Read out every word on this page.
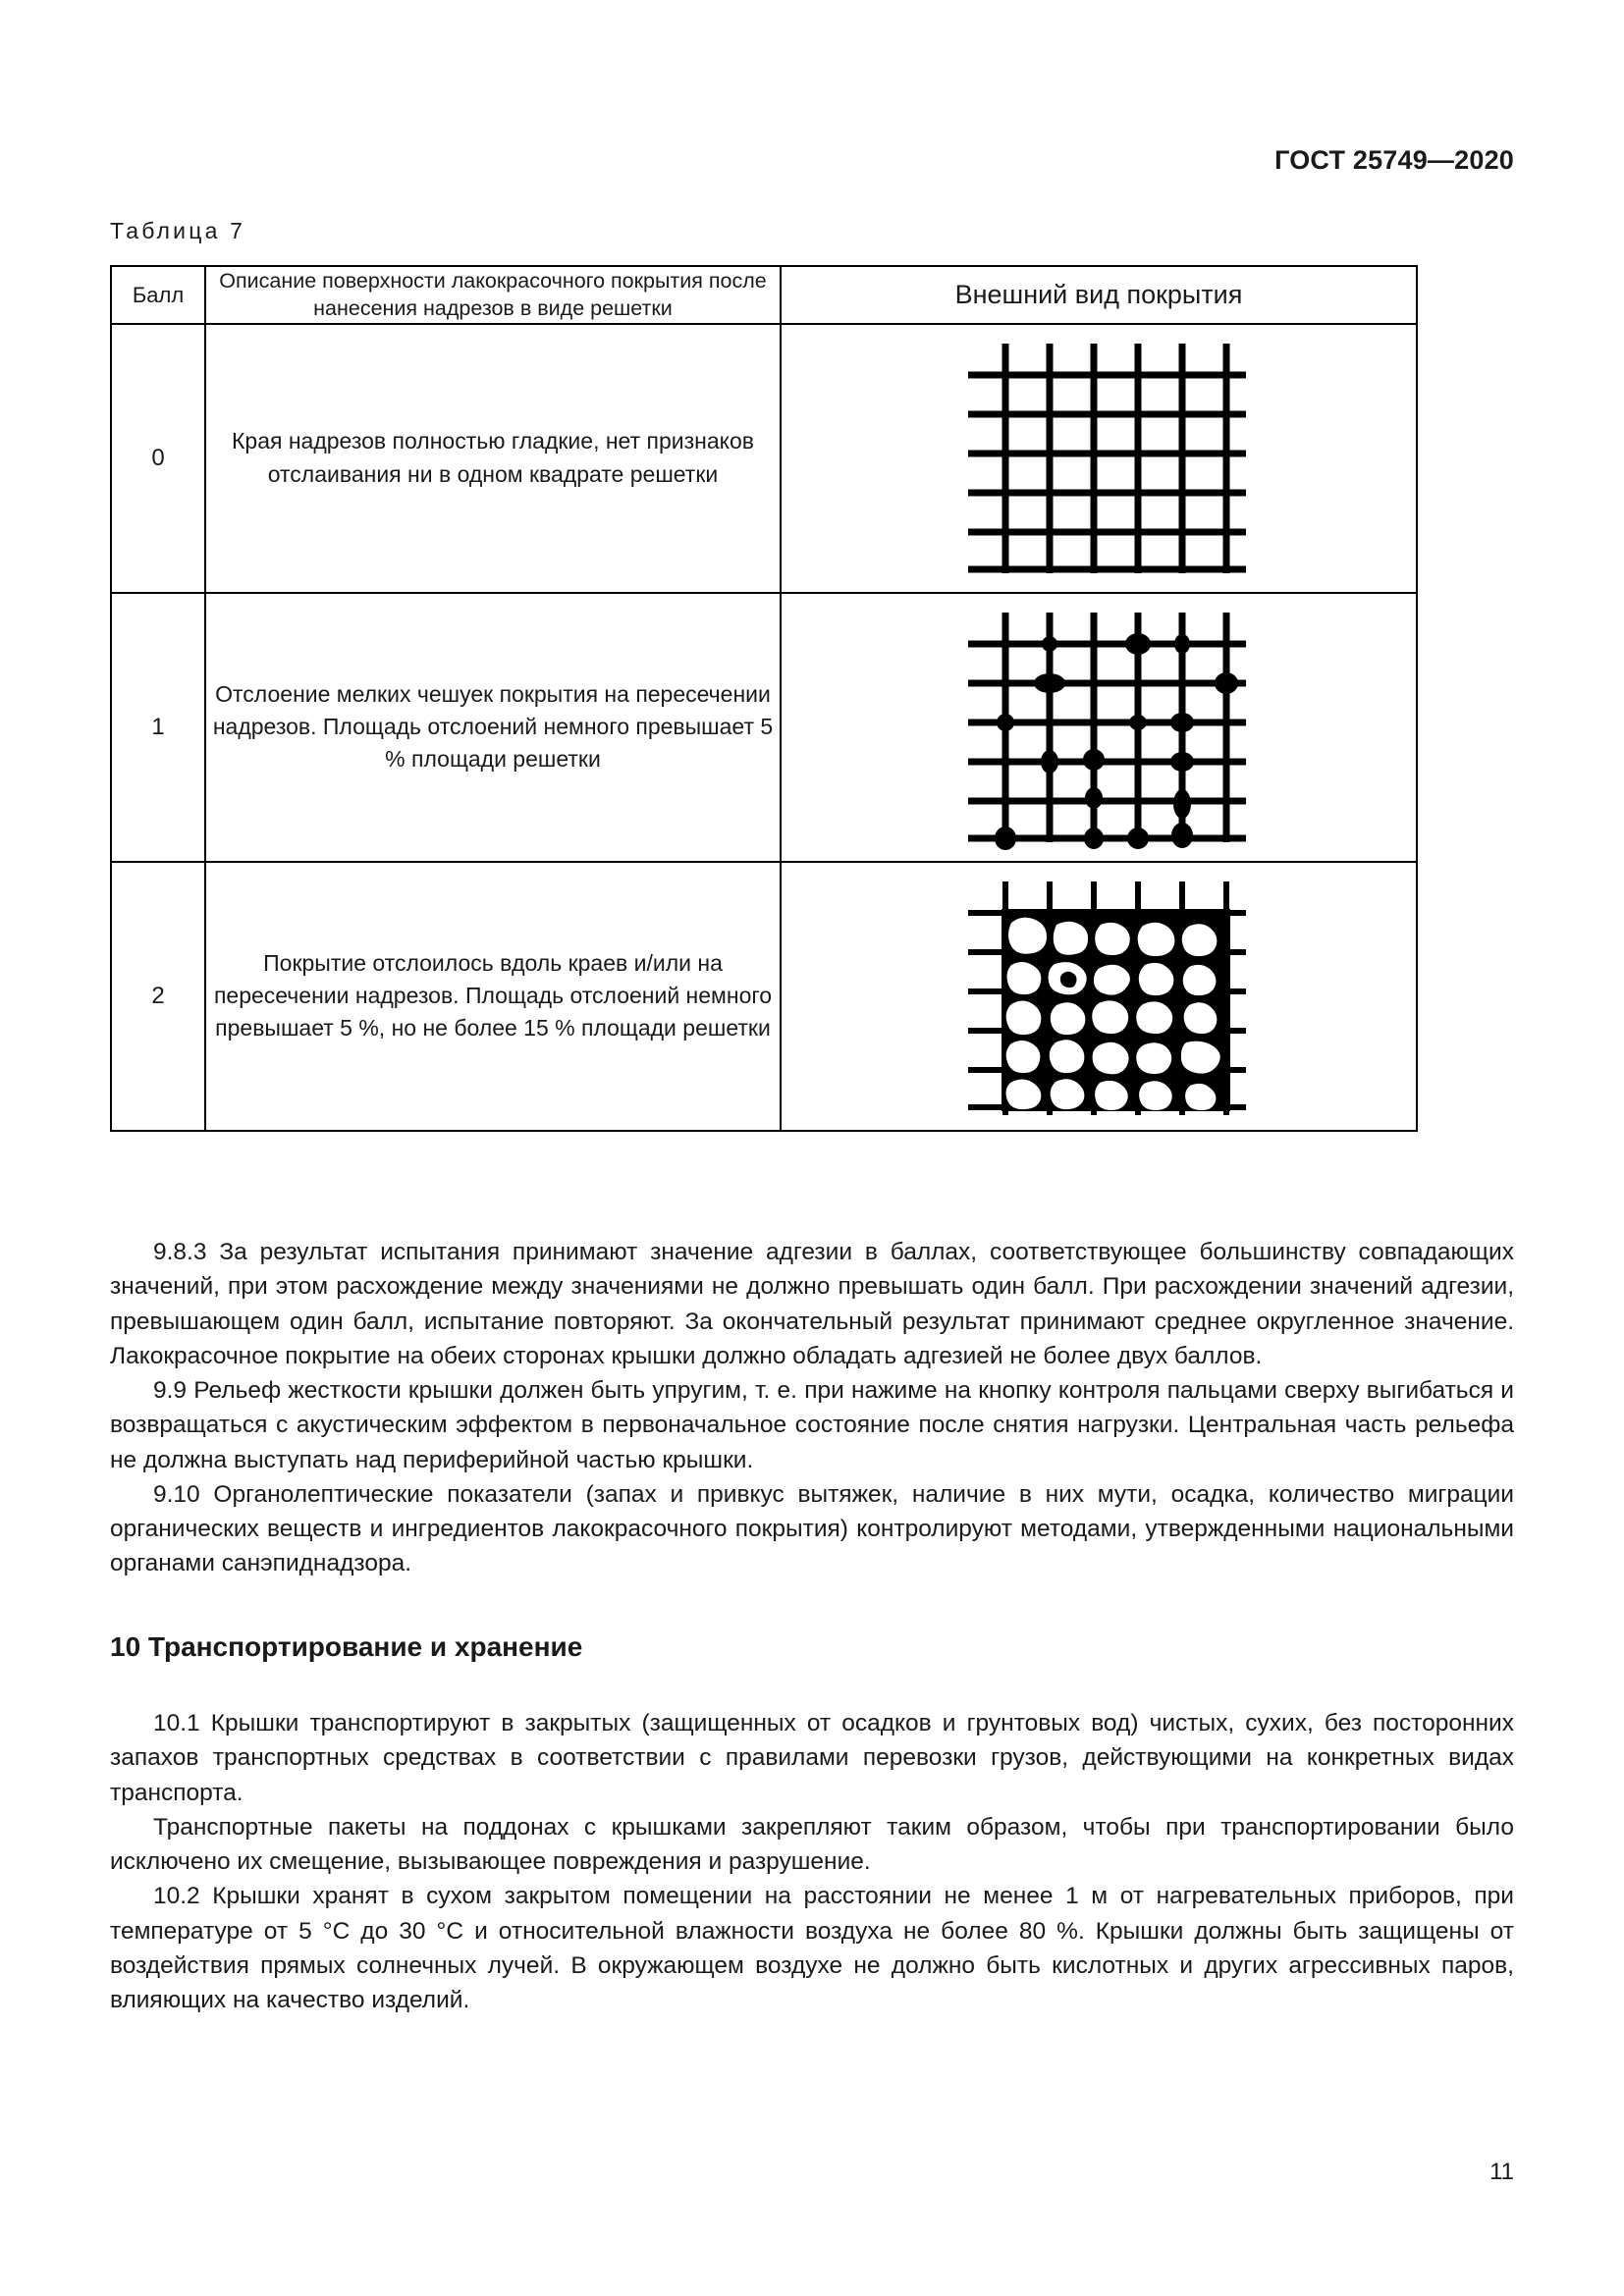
ГОСТ 25749—2020
Таблица 7
Балл	Описание поверхности лакокрасочного покрытия после нанесения надрезов в виде решетки	Внешний вид покрытия
0	Края надрезов полностью гладкие, нет признаков отслаивания ни в одном квадрате решетки	

1	Отслоение мелких чешуек покрытия на пересечении надрезов. Площадь отслоений немного превышает 5 % площади решетки	

2	Покрытие отслоилось вдоль краев и/или на пересечении надрезов. Площадь отслоений немного превышает 5 %, но не более 15 % площади решетки	

9.8.3 За результат испытания принимают значение адгезии в баллах, соответствующее большинству совпадающих значений, при этом расхождение между значениями не должно превышать один балл. При расхождении значений адгезии, превышающем один балл, испытание повторяют. За окончательный результат принимают среднее округленное значение. Лакокрасочное покрытие на обеих сторонах крышки должно обладать адгезией не более двух баллов.

9.9 Рельеф жесткости крышки должен быть упругим, т. е. при нажиме на кнопку контроля пальцами сверху выгибаться и возвращаться с акустическим эффектом в первоначальное состояние после снятия нагрузки. Центральная часть рельефа не должна выступать над периферийной частью крышки.

9.10 Органолептические показатели (запах и привкус вытяжек, наличие в них мути, осадка, количество миграции органических веществ и ингредиентов лакокрасочного покрытия) контролируют методами, утвержденными национальными органами санэпиднадзора.

10 Транспортирование и хранение

10.1 Крышки транспортируют в закрытых (защищенных от осадков и грунтовых вод) чистых, сухих, без посторонних запахов транспортных средствах в соответствии с правилами перевозки грузов, действующими на конкретных видах транспорта.

Транспортные пакеты на поддонах с крышками закрепляют таким образом, чтобы при транспортировании было исключено их смещение, вызывающее повреждения и разрушение.

10.2 Крышки хранят в сухом закрытом помещении на расстоянии не менее 1 м от нагревательных приборов, при температуре от 5 °С до 30 °С и относительной влажности воздуха не более 80 %. Крышки должны быть защищены от воздействия прямых солнечных лучей. В окружающем воздухе не должно быть кислотных и других агрессивных паров, влияющих на качество изделий.

11
